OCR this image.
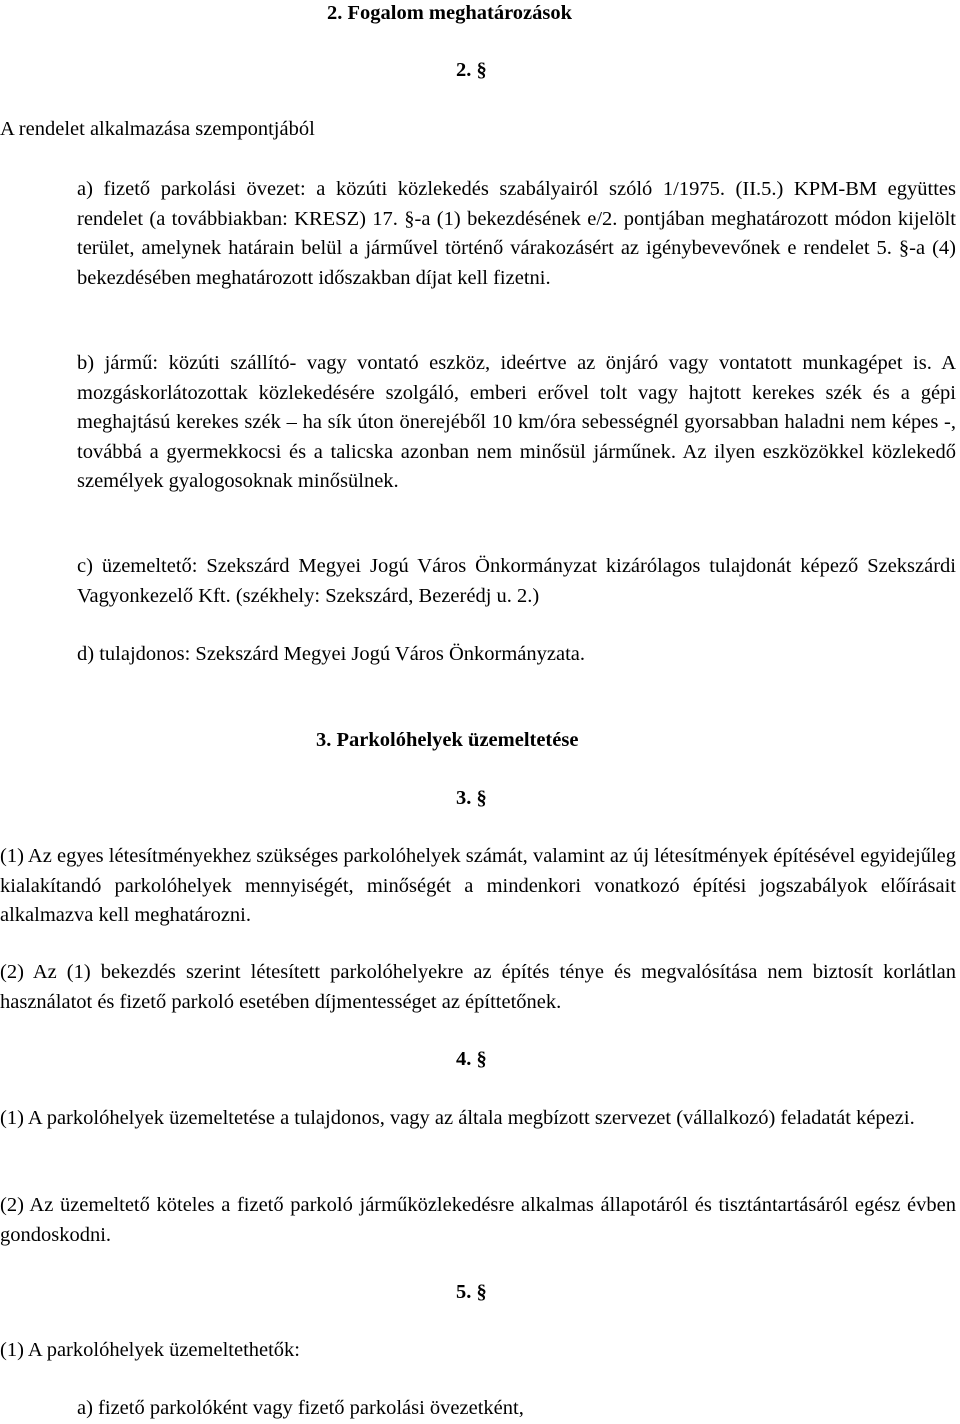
2. Fogalom meghatározások
2. §
A rendelet alkalmazása szempontjából
a) fizető parkolási övezet: a közúti közlekedés szabályairól szóló 1/1975. (II.5.) KPM-BM együttes rendelet (a továbbiakban: KRESZ) 17. §-a (1) bekezdésének e/2. pontjában meghatározott módon kijelölt terület, amelynek határain belül a járművel történő várakozásért az igénybevevőnek e rendelet 5. §-a (4) bekezdésében meghatározott időszakban díjat kell fizetni.
b) jármű: közúti szállító- vagy vontató eszköz, ideértve az önjáró vagy vontatott munkagépet is. A mozgáskorlátozottak közlekedésére szolgáló, emberi erővel tolt vagy hajtott kerekes szék és a gépi meghajtású kerekes szék – ha sík úton önerejéből 10 km/óra sebességnél gyorsabban haladni nem képes -, továbbá a gyermekkocsi és a talicska azonban nem minősül járműnek. Az ilyen eszközökkel közlekedő személyek gyalogosoknak minősülnek.
c) üzemeltető: Szekszárd Megyei Jogú Város Önkormányzat kizárólagos tulajdonát képező Szekszárdi Vagyonkezelő Kft. (székhely: Szekszárd, Bezerédj u. 2.)
d) tulajdonos: Szekszárd Megyei Jogú Város Önkormányzata.
3. Parkolóhelyek üzemeltetése
3. §
(1) Az egyes létesítményekhez szükséges parkolóhelyek számát, valamint az új létesítmények építésével egyidejűleg kialakítandó parkolóhelyek mennyiségét, minőségét a mindenkori vonatkozó építési jogszabályok előírásait alkalmazva kell meghatározni.
(2) Az (1) bekezdés szerint létesített parkolóhelyekre az építés ténye és megvalósítása nem biztosít korlátlan használatot és fizető parkoló esetében díjmentességet az építtetőnek.
4. §
(1) A parkolóhelyek üzemeltetése a tulajdonos, vagy az általa megbízott szervezet (vállalkozó) feladatát képezi.
(2) Az üzemeltető köteles a fizető parkoló járműközlekedésre alkalmas állapotáról és tisztántartásáról egész évben gondoskodni.
5. §
(1) A parkolóhelyek üzemeltethetők:
a) fizető parkolóként vagy fizető parkolási övezetként,
